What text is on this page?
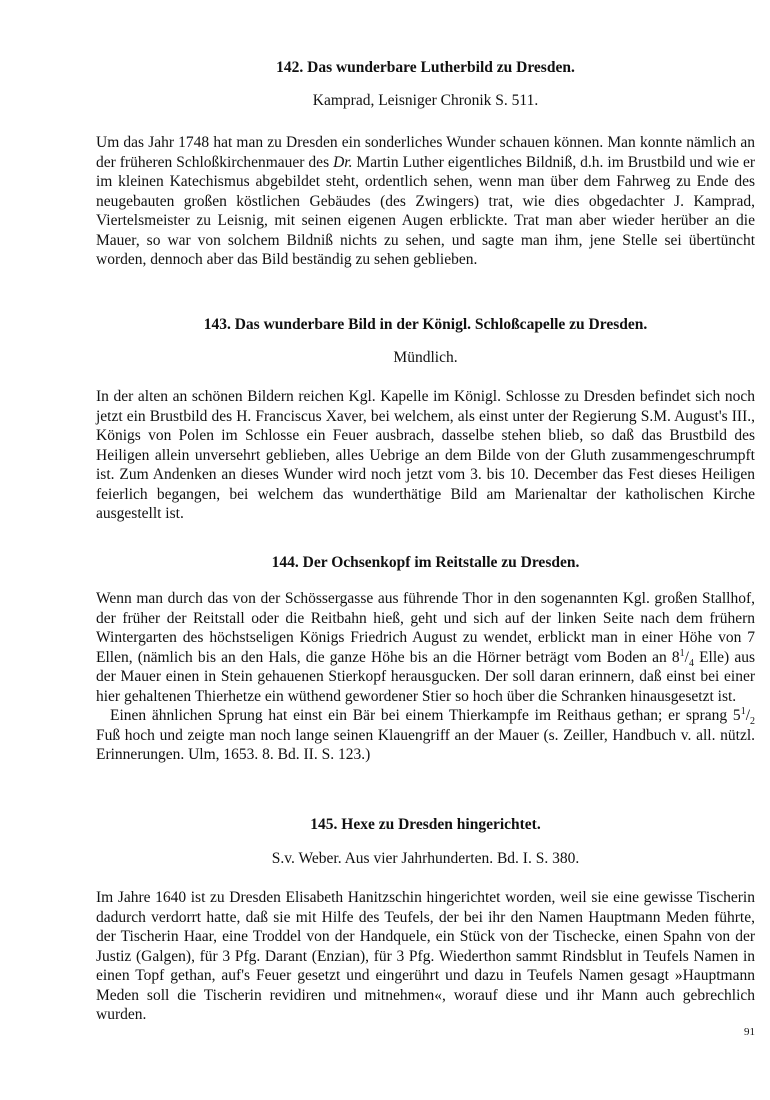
142. Das wunderbare Lutherbild zu Dresden.
Kamprad, Leisniger Chronik S. 511.

Um das Jahr 1748 hat man zu Dresden ein sonderliches Wunder schauen können. Man konnte nämlich an der früheren Schloßkirchenmauer des Dr. Martin Luther eigentliches Bildniß, d.h. im Brustbild und wie er im kleinen Katechismus abgebildet steht, ordentlich sehen, wenn man über dem Fahrweg zu Ende des neugebauten großen köstlichen Gebäudes (des Zwingers) trat, wie dies obgedachter J. Kamprad, Viertelsmeister zu Leisnig, mit seinen eigenen Augen erblickte. Trat man aber wieder herüber an die Mauer, so war von solchem Bildniß nichts zu sehen, und sagte man ihm, jene Stelle sei übertüncht worden, dennoch aber das Bild beständig zu sehen geblieben.

143. Das wunderbare Bild in der Königl. Schloßcapelle zu Dresden.
Mündlich.

In der alten an schönen Bildern reichen Kgl. Kapelle im Königl. Schlosse zu Dresden befindet sich noch jetzt ein Brustbild des H. Franciscus Xaver, bei welchem, als einst unter der Regierung S.M. August's III., Königs von Polen im Schlosse ein Feuer ausbrach, dasselbe stehen blieb, so daß das Brustbild des Heiligen allein unversehrt geblieben, alles Uebrige an dem Bilde von der Gluth zusammengeschrumpft ist. Zum Andenken an dieses Wunder wird noch jetzt vom 3. bis 10. December das Fest dieses Heiligen feierlich begangen, bei welchem das wunderthätige Bild am Marienaltar der katholischen Kirche ausgestellt ist.

144. Der Ochsenkopf im Reitstalle zu Dresden.

Wenn man durch das von der Schössergasse aus führende Thor in den sogenannten Kgl. großen Stallhof, der früher der Reitstall oder die Reitbahn hieß, geht und sich auf der linken Seite nach dem frühern Wintergarten des höchstseligen Königs Friedrich August zu wendet, erblickt man in einer Höhe von 7 Ellen, (nämlich bis an den Hals, die ganze Höhe bis an die Hörner beträgt vom Boden an $8^1/_4$ Elle) aus der Mauer einen in Stein gehauenen Stierkopf herausgucken. Der soll daran erinnern, daß einst bei einer hier gehaltenen Thierhetze ein wüthend gewordener Stier so hoch über die Schranken hinausgesetzt ist.

Einen ähnlichen Sprung hat einst ein Bär bei einem Thierkampfe im Reithaus gethan; er sprang $5^1/_2$ Fuß hoch und zeigte man noch lange seinen Klauengriff an der Mauer (s. Zeiller, Handbuch v. all. nützl. Erinnerungen. Ulm, 1653. 8. Bd. II. S. 123.)

145. Hexe zu Dresden hingerichtet.
S.v. Weber. Aus vier Jahrhunderten. Bd. I. S. 380.

Im Jahre 1640 ist zu Dresden Elisabeth Hanitzschin hingerichtet worden, weil sie eine gewisse Tischerin dadurch verdorrt hatte, daß sie mit Hilfe des Teufels, der bei ihr den Namen Hauptmann Meden führte, der Tischerin Haar, eine Troddel von der Handquele, ein Stück von der Tischecke, einen Spahn von der Justiz (Galgen), für 3 Pfg. Darant (Enzian), für 3 Pfg. Wiederthon sammt Rindsblut in Teufels Namen in einen Topf gethan, auf's Feuer gesetzt und eingerührt und dazu in Teufels Namen gesagt »Hauptmann Meden soll die Tischerin revidiren und mitnehmen«, worauf diese und ihr Mann auch gebrechlich wurden.

91
